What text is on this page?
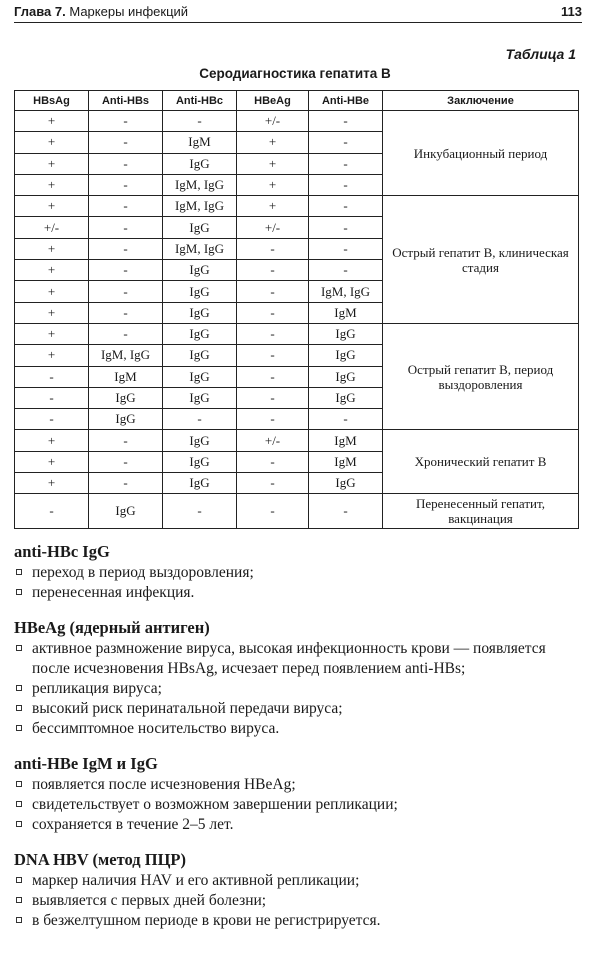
Глава 7. Маркеры инфекций	113
Таблица 1
Серодиагностика гепатита В
HBsAg	Anti-HBs	Anti-HBc	HBeAg	Anti-HBe	Заключение
+	-	-	+/-	-	Инкубационный период
+	-	IgM	+	-	
+	-	IgG	+	-	
+	-	IgM, IgG	+	-	
+	-	IgM, IgG	+	-	Острый гепатит В, клиническая стадия
+/-	-	IgG	+/-	-	
+	-	IgM, IgG	-	-	
+	-	IgG	-	-	
+	-	IgG	-	IgM, IgG	
+	-	IgG	-	IgM	
+	-	IgG	-	IgG	Острый гепатит В, период выздоровления
+	IgM, IgG	IgG	-	IgG	
-	IgM	IgG	-	IgG	
-	IgG	IgG	-	IgG	
-	IgG	-	-	-	
+	-	IgG	+/-	IgM	Хронический гепатит В
+	-	IgG	-	IgM	
+	-	IgG	-	IgG	
-	IgG	-	-	-	Перенесенный гепатит, вакцинация
anti-HBc IgG
переход в период выздоровления;
перенесенная инфекция.
HBeAg (ядерный антиген)
активное размножение вируса, высокая инфекционность крови — появляется после исчезновения HBsAg, исчезает перед появлением anti-HBs;
репликация вируса;
высокий риск перинатальной передачи вируса;
бессимптомное носительство вируса.
anti-HBe IgM и IgG
появляется после исчезновения HBeAg;
свидетельствует о возможном завершении репликации;
сохраняется в течение 2–5 лет.
DNA HBV (метод ПЦР)
маркер наличия HAV и его активной репликации;
выявляется с первых дней болезни;
в безжелтушном периоде в крови не регистрируется.
